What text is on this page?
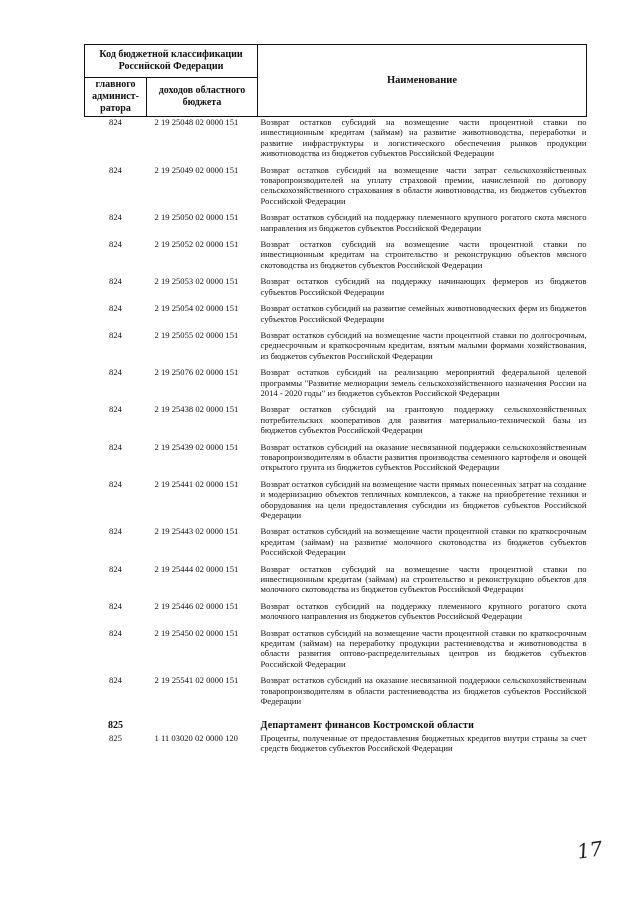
Код бюджетной классификации Российской Федерации		Наименование
главного админист-ратора	доходов областного бюджета	
824	2 19 25048 02 0000 151	Возврат остатков субсидий на возмещение части процентной ставки по инвестиционным кредитам (займам) на развитие животноводства, переработки и развитие инфраструктуры и логистического обеспечения рынков продукции животноводства из бюджетов субъектов Российской Федерации
824	2 19 25049 02 0000 151	Возврат остатков субсидий на возмещение части затрат сельскохозяйственных товаропроизводителей на уплату страховой премии, начисленной по договору сельскохозяйственного страхования в области животноводства, из бюджетов субъектов Российской Федерации
824	2 19 25050 02 0000 151	Возврат остатков субсидий на поддержку племенного крупного рогатого скота мясного направления из бюджетов субъектов Российской Федерации
824	2 19 25052 02 0000 151	Возврат остатков субсидий на возмещение части процентной ставки по инвестиционным кредитам на строительство и реконструкцию объектов мясного скотоводства из бюджетов субъектов Российской Федерации
824	2 19 25053 02 0000 151	Возврат остатков субсидий на поддержку начинающих фермеров из бюджетов субъектов Российской Федерации
824	2 19 25054 02 0000 151	Возврат остатков субсидий на развитие семейных животноводческих ферм из бюджетов субъектов Российской Федерации
824	2 19 25055 02 0000 151	Возврат остатков субсидий на возмещение части процентной ставки по долгосрочным, среднесрочным и краткосрочным кредитам, взятым малыми формами хозяйствования, из бюджетов субъектов Российской Федерации
824	2 19 25076 02 0000 151	Возврат остатков субсидий на реализацию мероприятий федеральной целевой программы "Развитие мелиорации земель сельскохозяйственного назначения России на 2014 - 2020 годы" из бюджетов субъектов Российской Федерации
824	2 19 25438 02 0000 151	Возврат остатков субсидий на грантовую поддержку сельскохозяйственных потребительских кооперативов для развития материально-технической базы из бюджетов субъектов Российской Федерации
824	2 19 25439 02 0000 151	Возврат остатков субсидий на оказание несвязанной поддержки сельскохозяйственным товаропроизводителям в области развития производства семенного картофеля и овощей открытого грунта из бюджетов субъектов Российской Федерации
824	2 19 25441 02 0000 151	Возврат остатков субсидий на возмещение части прямых понесенных затрат на создание и модернизацию объектов тепличных комплексов, а также на приобретение техники и оборудования на цели предоставления субсидии из бюджетов субъектов Российской Федерации
824	2 19 25443 02 0000 151	Возврат остатков субсидий на возмещение части процентной ставки по краткосрочным кредитам (займам) на развитие молочного скотоводства из бюджетов субъектов Российской Федерации
824	2 19 25444 02 0000 151	Возврат остатков субсидий на возмещение части процентной ставки по инвестиционным кредитам (займам) на строительство и реконструкцию объектов для молочного скотоводства из бюджетов субъектов Российской Федерации
824	2 19 25446 02 0000 151	Возврат остатков субсидий на поддержку племенного крупного рогатого скота молочного направления из бюджетов субъектов Российской Федерации
824	2 19 25450 02 0000 151	Возврат остатков субсидий на возмещение части процентной ставки по краткосрочным кредитам (займам) на переработку продукции растениеводства и животноводства в области развития оптово-распределительных центров из бюджетов субъектов Российской Федерации
824	2 19 25541 02 0000 151	Возврат остатков субсидий на оказание несвязанной поддержки сельскохозяйственным товаропроизводителям в области растениеводства из бюджетов субъектов Российской Федерации

825		Департамент финансов Костромской области
825	1 11 03020 02 0000 120	Проценты, полученные от предоставления бюджетных кредитов внутри страны за счет средств бюджетов субъектов Российской Федерации
17
